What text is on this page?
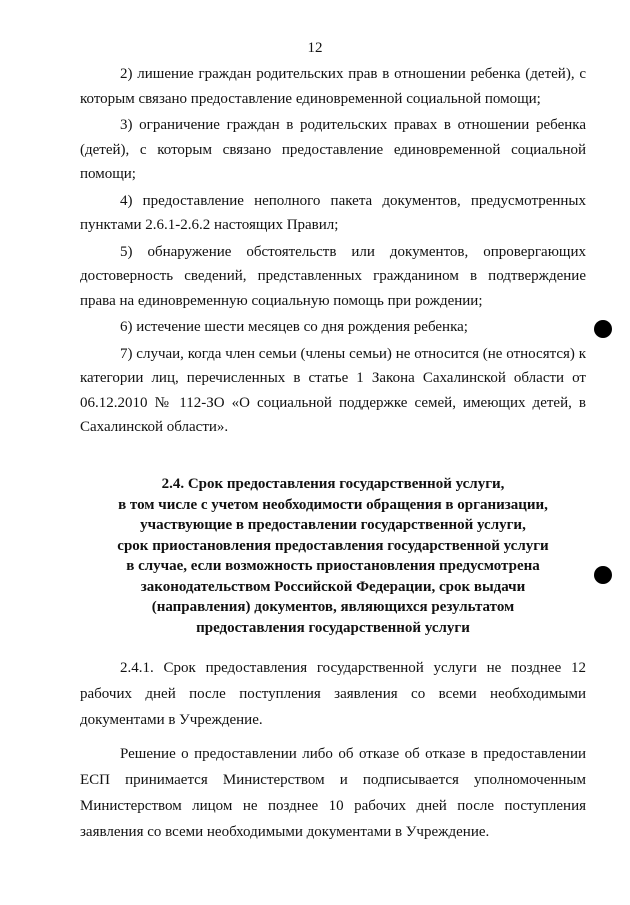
12

2) лишение граждан родительских прав в отношении ребенка (детей), с которым связано предоставление единовременной социальной помощи;

3) ограничение граждан в родительских правах в отношении ребенка (детей), с которым связано предоставление единовременной социальной помощи;

4) предоставление неполного пакета документов, предусмотренных пунктами 2.6.1-2.6.2 настоящих Правил;

5) обнаружение обстоятельств или документов, опровергающих достоверность сведений, представленных гражданином в подтверждение права на единовременную социальную помощь при рождении;

6) истечение шести месяцев со дня рождения ребенка;

7) случаи, когда член семьи (члены семьи) не относится (не относятся) к категории лиц, перечисленных в статье 1 Закона Сахалинской области от 06.12.2010 № 112-ЗО «О социальной поддержке семей, имеющих детей, в Сахалинской области».

2.4. Срок предоставления государственной услуги,
в том числе с учетом необходимости обращения в организации,
участвующие в предоставлении государственной услуги,
срок приостановления предоставления государственной услуги
в случае, если возможность приостановления предусмотрена
законодательством Российской Федерации, срок выдачи
(направления) документов, являющихся результатом
предоставления государственной услуги

2.4.1. Срок предоставления государственной услуги не позднее 12 рабочих дней после поступления заявления со всеми необходимыми документами в Учреждение.

Решение о предоставлении либо об отказе об отказе в предоставлении ЕСП принимается Министерством и подписывается уполномоченным Министерством лицом не позднее 10 рабочих дней после поступления заявления со всеми необходимыми документами в Учреждение.
